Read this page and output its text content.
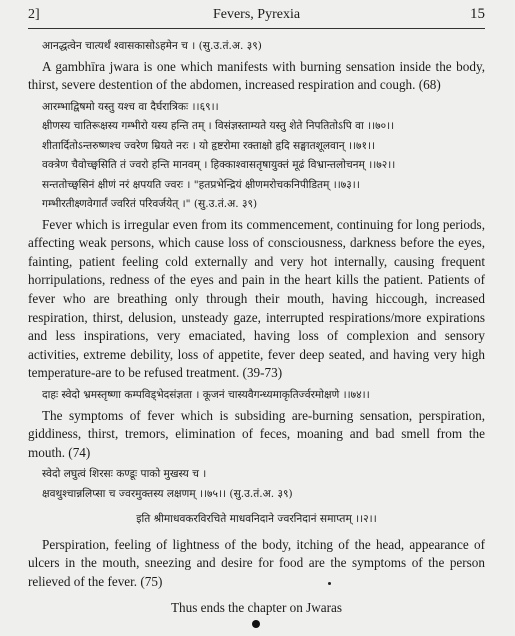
2]	Fevers, Pyrexia	15
आनद्धत्वेन चात्यर्थं श्वासकासोऽहमेन च । (सु.उ.तं.अ. ३९)

A gambhīra jwara is one which manifests with burning sensation inside the body, thirst, severe destention of the abdomen, increased respiration and cough. (68)

आरम्भाद्विषमो यस्तु यश्च वा दैर्घरात्रिकः ।।६९।।
क्षीणस्य चातिरूक्षस्य गम्भीरो यस्य हन्ति तम् । विसंज्ञस्ताम्यते यस्तु शेते निपतितोऽपि वा ।।७०।।
शीतार्दितोऽन्तरुष्णश्च ज्वरेण म्रियते नरः । यो हृष्टरोमा रक्ताक्षो हृदि सङ्घातशूलवान् ।।७१।।
वक्त्रेण चैवोच्छ्वसिति तं ज्वरो हन्ति मानवम् । हिक्काश्वासतृषायुक्तं मूढं विभ्रान्तलोचनम् ।।७२।।
सन्ततोच्छ्वसिनं क्षीणं नरं क्षपयति ज्वरः । "हतप्रभेन्द्रियं क्षीणमरोचकनिपीडितम् ।।७३।।
गम्भीरतीक्ष्णवेगार्तं ज्वरितं परिवर्जयेत् ।" (सु.उ.तं.अ. ३९)

Fever which is irregular even from its commencement, continuing for long periods, affecting weak persons, which cause loss of consciousness, darkness before the eyes, fainting, patient feeling cold externally and very hot internally, causing frequent horripulations, redness of the eyes and pain in the heart kills the patient. Patients of fever who are breathing only through their mouth, having hiccough, increased respiration, thirst, delusion, unsteady gaze, interrupted respirations/more expirations and less inspirations, very emaciated, having loss of complexion and sensory activities, extreme debility, loss of appetite, fever deep seated, and having very high temperature-are to be refused treatment. (39-73)

दाहः स्वेदो भ्रमस्तृष्णा कम्पविड्भेदसंज्ञता । कूजनं चास्यवैगन्ध्यमाकृतिर्ज्वरमोक्षणे ।।७४।।

The symptoms of fever which is subsiding are-burning sensation, perspiration, giddiness, thirst, tremors, elimination of feces, moaning and bad smell from the mouth. (74)

स्वेदो लघुत्वं शिरसः कण्डूः पाको मुखस्य च ।
क्षवथुश्चान्नलिप्सा च ज्वरमुक्तस्य लक्षणम् ।।७५।। (सु.उ.तं.अ. ३९)
इति श्रीमाधवकरविरचिते माधवनिदाने ज्वरनिदानं समाप्तम् ।।२।।

Perspiration, feeling of lightness of the body, itching of the head, appearance of ulcers in the mouth, sneezing and desire for food are the symptoms of the person relieved of the fever. (75)

Thus ends the chapter on Jwaras
